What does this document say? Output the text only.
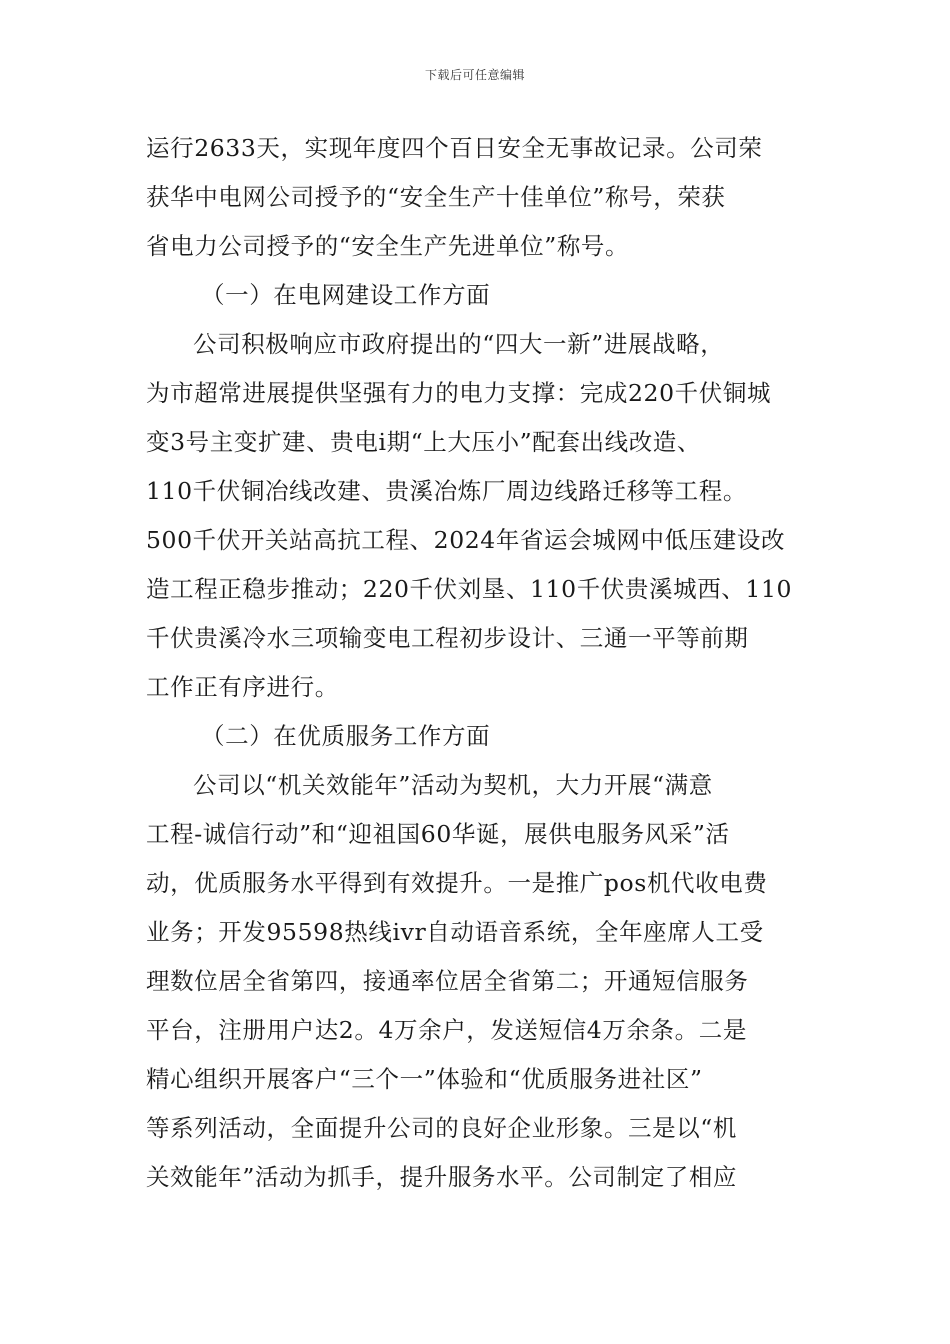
下载后可任意编辑
运行2633天，实现年度四个百日安全无事故记录。公司荣
获华中电网公司授予的“安全生产十佳单位”称号，荣获
省电力公司授予的“安全生产先进单位”称号。
（一）在电网建设工作方面
公司积极响应市政府提出的“四大一新”进展战略，
为市超常进展提供坚强有力的电力支撑：完成220千伏铜城
变3号主变扩建、贵电i期“上大压小”配套出线改造、
110千伏铜冶线改建、贵溪冶炼厂周边线路迁移等工程。
500千伏开关站高抗工程、2024年省运会城网中低压建设改
造工程正稳步推动；220千伏刘垦、110千伏贵溪城西、110
千伏贵溪冷水三项输变电工程初步设计、三通一平等前期
工作正有序进行。
（二）在优质服务工作方面
公司以“机关效能年”活动为契机，大力开展“满意
工程-诚信行动”和“迎祖国60华诞，展供电服务风采”活
动，优质服务水平得到有效提升。一是推广pos机代收电费
业务；开发95598热线ivr自动语音系统，全年座席人工受
理数位居全省第四，接通率位居全省第二；开通短信服务
平台，注册用户达2。4万余户，发送短信4万余条。二是
精心组织开展客户“三个一”体验和“优质服务进社区”
等系列活动，全面提升公司的良好企业形象。三是以“机
关效能年”活动为抓手，提升服务水平。公司制定了相应
